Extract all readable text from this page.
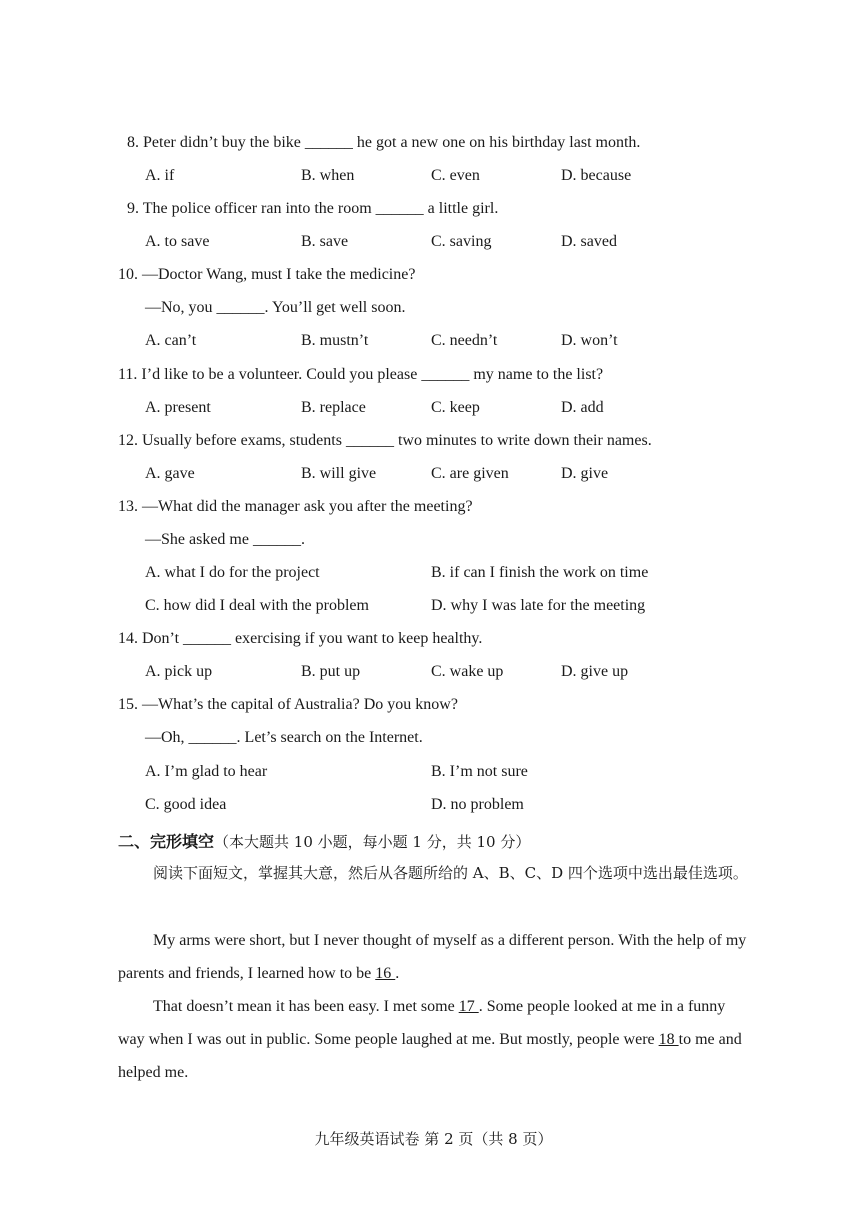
8. Peter didn’t buy the bike ______ he got a new one on his birthday last month.
A. if	B. when	C. even	D. because
9. The police officer ran into the room ______ a little girl.
A. to save	B. save	C. saving	D. saved
10. —Doctor Wang, must I take the medicine?
—No, you ______. You’ll get well soon.
A. can’t	B. mustn’t	C. needn’t	D. won’t
11. I’d like to be a volunteer. Could you please ______ my name to the list?
A. present	B. replace	C. keep	D. add
12. Usually before exams, students ______ two minutes to write down their names.
A. gave	B. will give	C. are given	D. give
13. —What did the manager ask you after the meeting?
—She asked me ______.
A. what I do for the project	B. if can I finish the work on time
C. how did I deal with the problem	D. why I was late for the meeting
14. Don’t ______ exercising if you want to keep healthy.
A. pick up	B. put up	C. wake up	D. give up
15. —What’s the capital of Australia? Do you know?
—Oh, ______. Let’s search on the Internet.
A. I’m glad to hear	B. I’m not sure
C. good idea	D. no problem
二、完形填空（本大题共 10 小题，每小题 1 分，共 10 分）
阅读下面短文，掌握其大意，然后从各题所给的 A、B、C、D 四个选项中选出最佳选项。
My arms were short, but I never thought of myself as a different person. With the help of my parents and friends, I learned how to be 16 .
That doesn’t mean it has been easy. I met some 17 . Some people looked at me in a funny way when I was out in public. Some people laughed at me. But mostly, people were 18 to me and helped me.
九年级英语试卷 第 2 页（共 8 页）
